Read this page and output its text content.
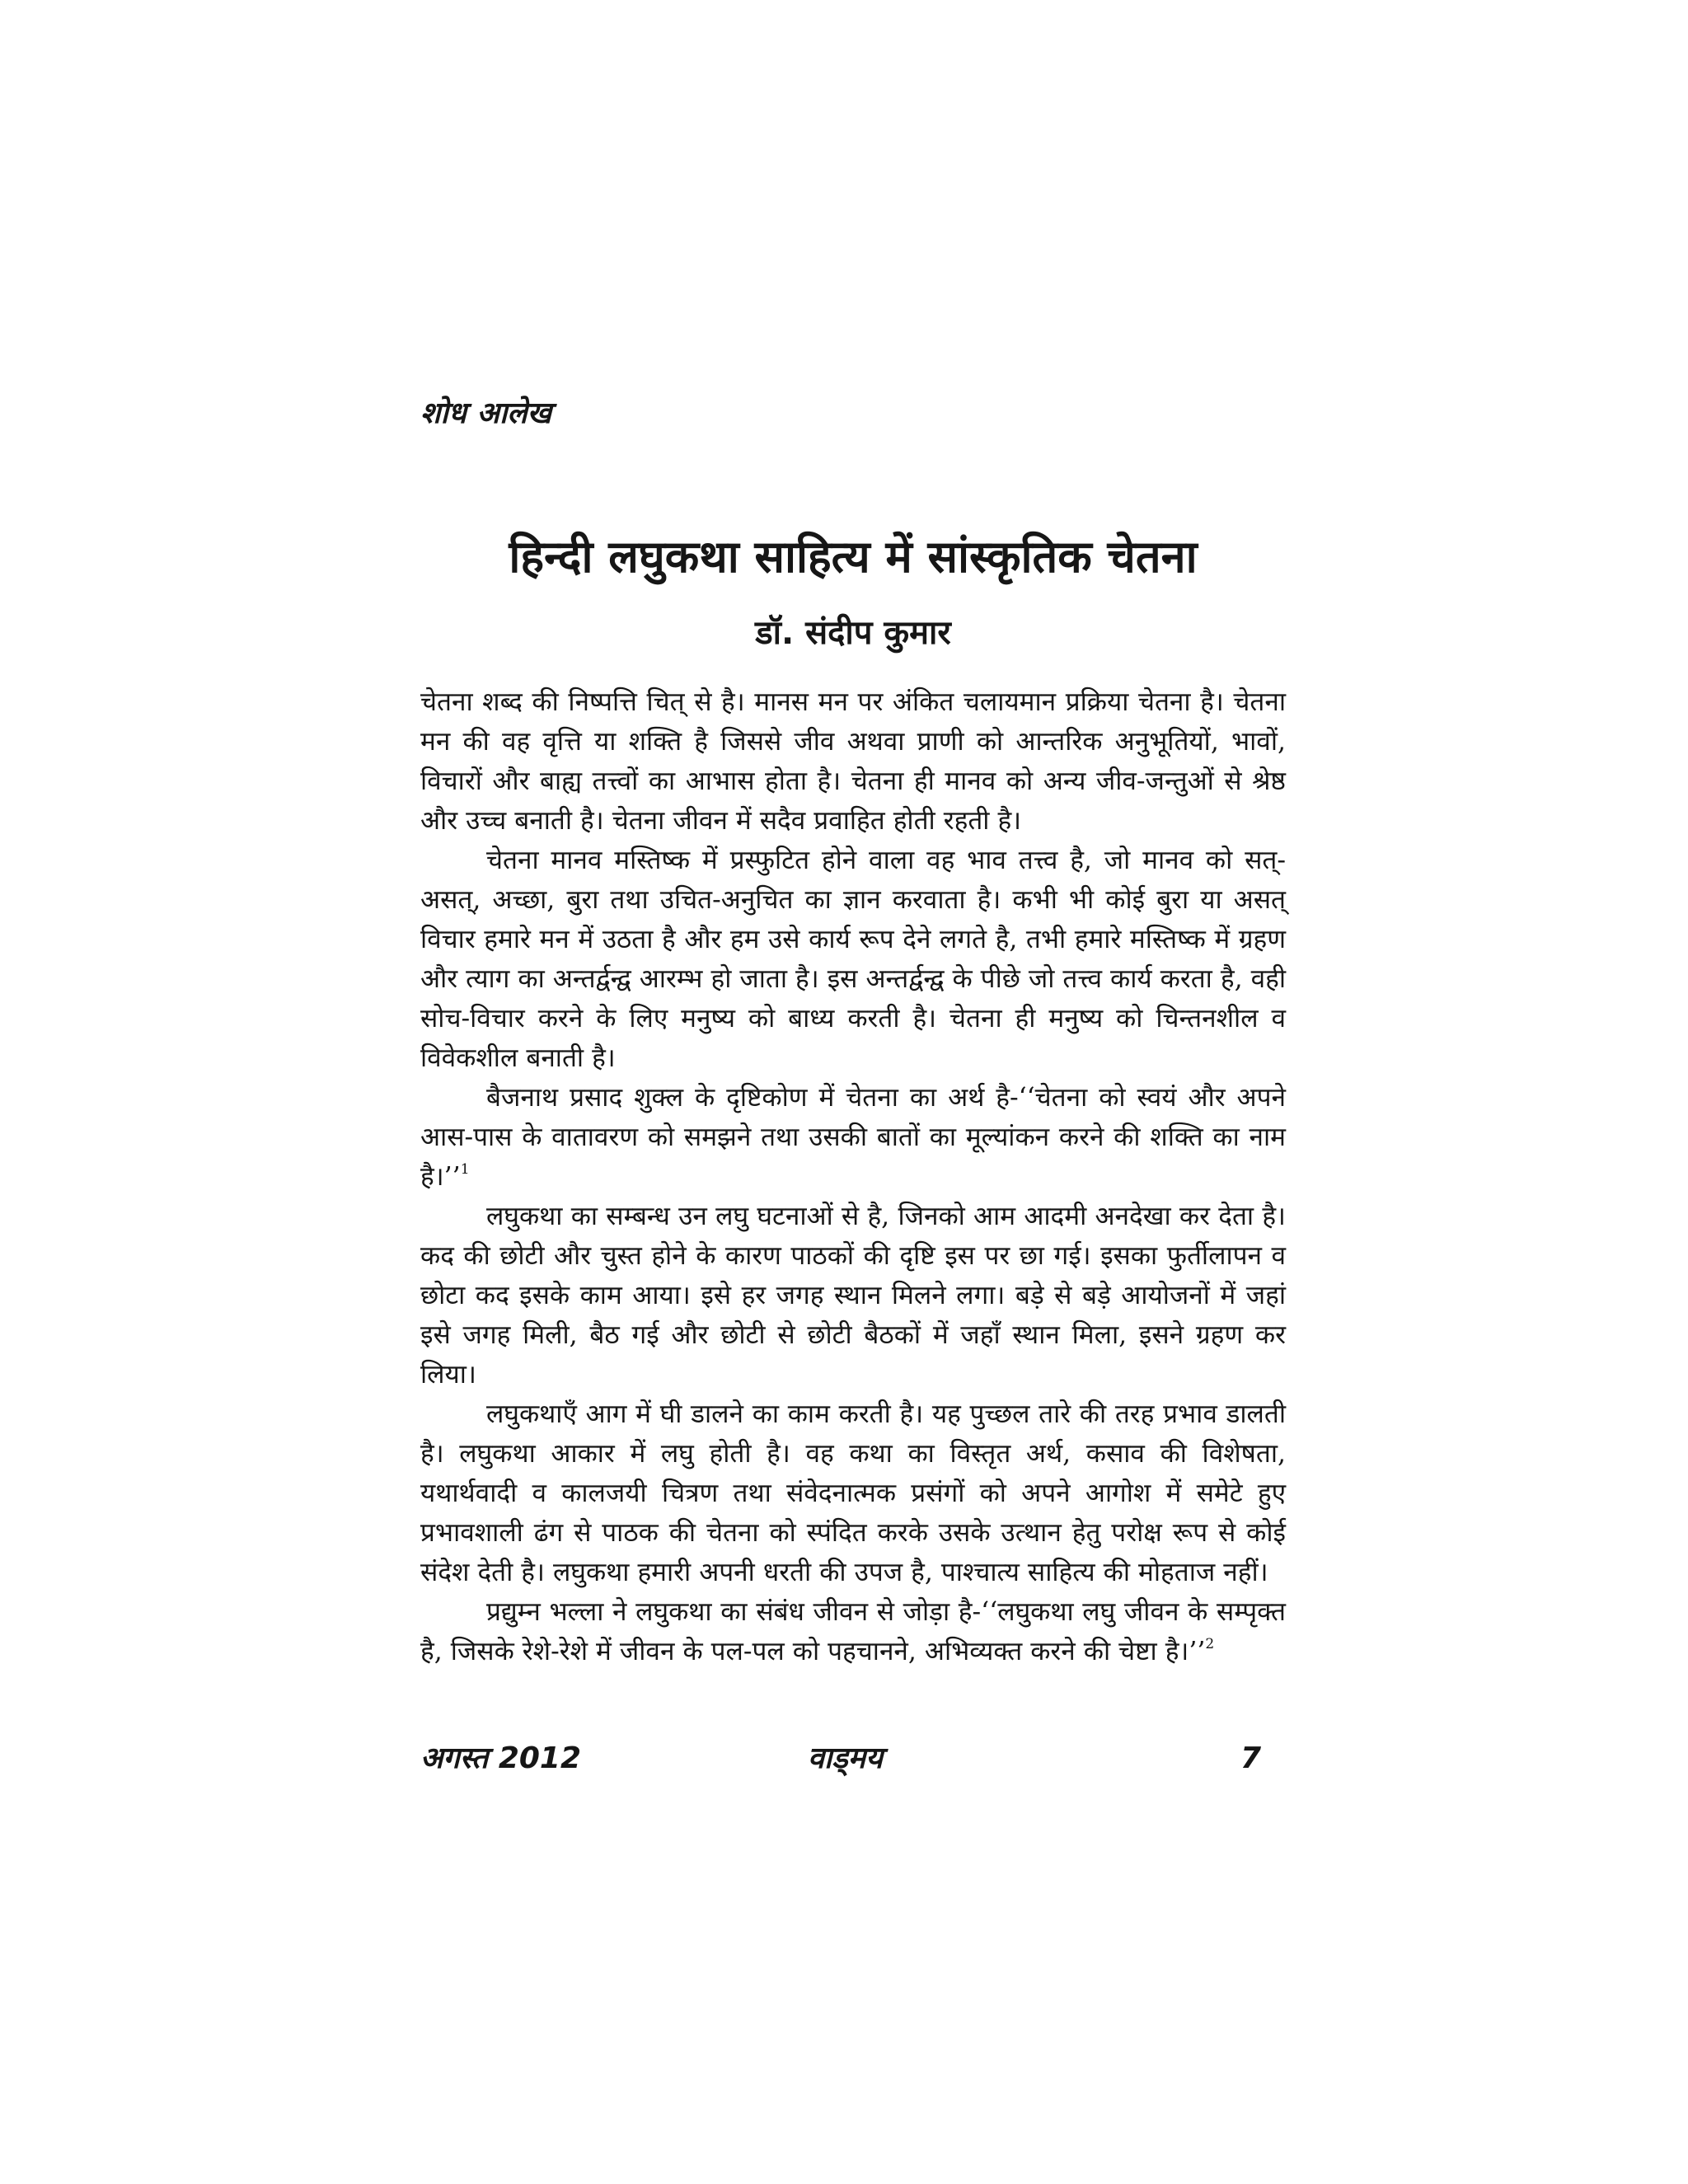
शोध आलेख
हिन्दी लघुकथा साहित्य में सांस्कृतिक चेतना
डॉ. संदीप कुमार

चेतना शब्द की निष्पत्ति चित् से है। मानस मन पर अंकित चलायमान प्रक्रिया चेतना है। चेतना मन की वह वृत्ति या शक्ति है जिससे जीव अथवा प्राणी को आन्तरिक अनुभूतियों, भावों, विचारों और बाह्य तत्त्वों का आभास होता है। चेतना ही मानव को अन्य जीव-जन्तुओं से श्रेष्ठ और उच्च बनाती है। चेतना जीवन में सदैव प्रवाहित होती रहती है।

चेतना मानव मस्तिष्क में प्रस्फुटित होने वाला वह भाव तत्त्व है, जो मानव को सत्-असत्, अच्छा, बुरा तथा उचित-अनुचित का ज्ञान करवाता है। कभी भी कोई बुरा या असत् विचार हमारे मन में उठता है और हम उसे कार्य रूप देने लगते है, तभी हमारे मस्तिष्क में ग्रहण और त्याग का अन्तर्द्वन्द्व आरम्भ हो जाता है। इस अन्तर्द्वन्द्व के पीछे जो तत्त्व कार्य करता है, वही सोच-विचार करने के लिए मनुष्य को बाध्य करती है। चेतना ही मनुष्य को चिन्तनशील व विवेकशील बनाती है।

बैजनाथ प्रसाद शुक्ल के दृष्टिकोण में चेतना का अर्थ है-‘‘चेतना को स्वयं और अपने आस-पास के वातावरण को समझने तथा उसकी बातों का मूल्यांकन करने की शक्ति का नाम है।’’$^1$

लघुकथा का सम्बन्ध उन लघु घटनाओं से है, जिनको आम आदमी अनदेखा कर देता है। कद की छोटी और चुस्त होने के कारण पाठकों की दृष्टि इस पर छा गई। इसका फुर्तीलापन व छोटा कद इसके काम आया। इसे हर जगह स्थान मिलने लगा। बड़े से बड़े आयोजनों में जहां इसे जगह मिली, बैठ गई और छोटी से छोटी बैठकों में जहाँ स्थान मिला, इसने ग्रहण कर लिया।

लघुकथाएँ आग में घी डालने का काम करती है। यह पुच्छल तारे की तरह प्रभाव डालती है। लघुकथा आकार में लघु होती है। वह कथा का विस्तृत अर्थ, कसाव की विशेषता, यथार्थवादी व कालजयी चित्रण तथा संवेदनात्मक प्रसंगों को अपने आगोश में समेटे हुए प्रभावशाली ढंग से पाठक की चेतना को स्पंदित करके उसके उत्थान हेतु परोक्ष रूप से कोई संदेश देती है। लघुकथा हमारी अपनी धरती की उपज है, पाश्चात्य साहित्य की मोहताज नहीं।

प्रद्युम्न भल्ला ने लघुकथा का संबंध जीवन से जोड़ा है-‘‘लघुकथा लघु जीवन के सम्पृक्त है, जिसके रेशे-रेशे में जीवन के पल-पल को पहचानने, अभिव्यक्त करने की चेष्टा है।’’$^2$

अगस्त 2012	वाड्मय	7
